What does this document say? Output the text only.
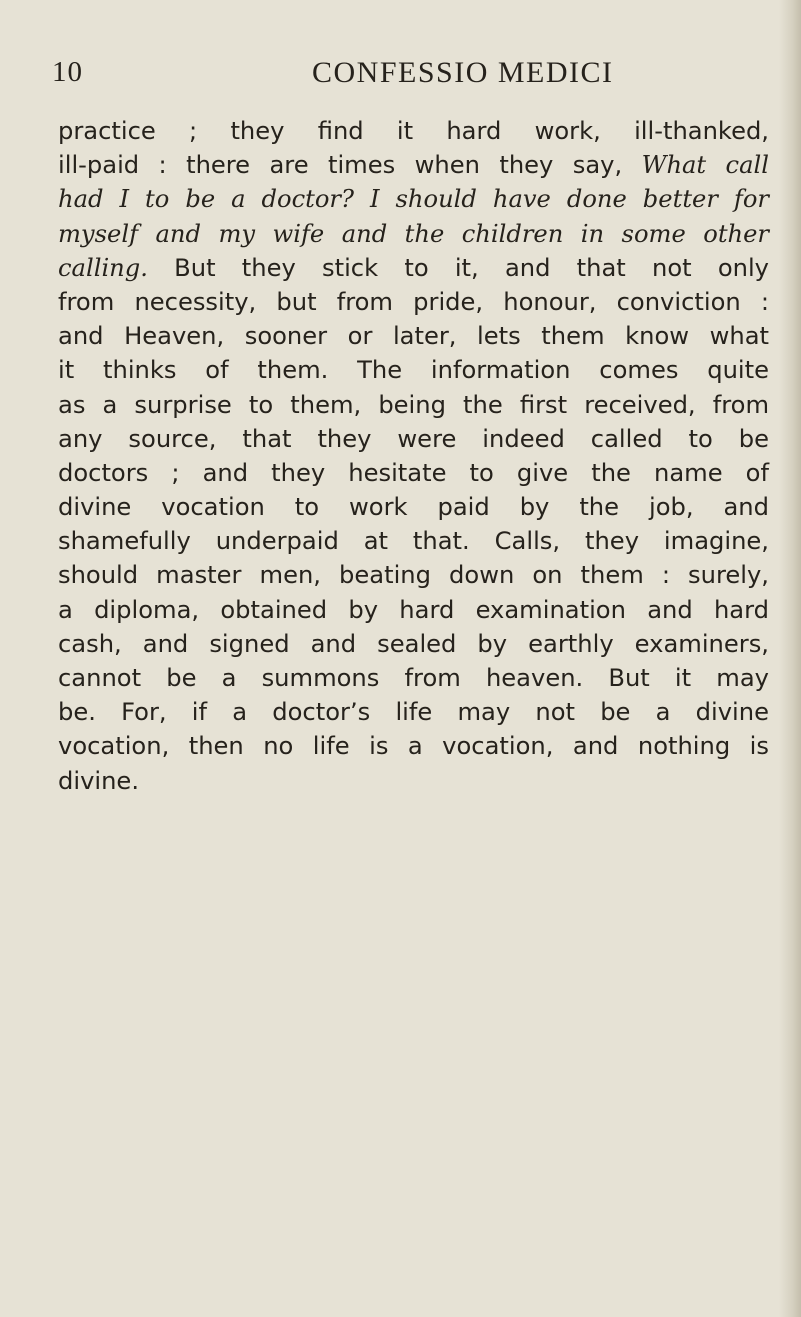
10	CONFESSIO MEDICI
practice ; they find it hard work, ill-thanked,
ill-paid : there are times when they say, What call
had I to be a doctor? I should have done better for
myself and my wife and the children in some other
calling. But they stick to it, and that not only
from necessity, but from pride, honour, conviction :
and Heaven, sooner or later, lets them know what
it thinks of them. The information comes quite
as a surprise to them, being the first received, from
any source, that they were indeed called to be
doctors ; and they hesitate to give the name of
divine vocation to work paid by the job, and
shamefully underpaid at that. Calls, they imagine,
should master men, beating down on them : surely,
a diploma, obtained by hard examination and hard
cash, and signed and sealed by earthly examiners,
cannot be a summons from heaven. But it may
be. For, if a doctor’s life may not be a divine
vocation, then no life is a vocation, and nothing is
divine.
